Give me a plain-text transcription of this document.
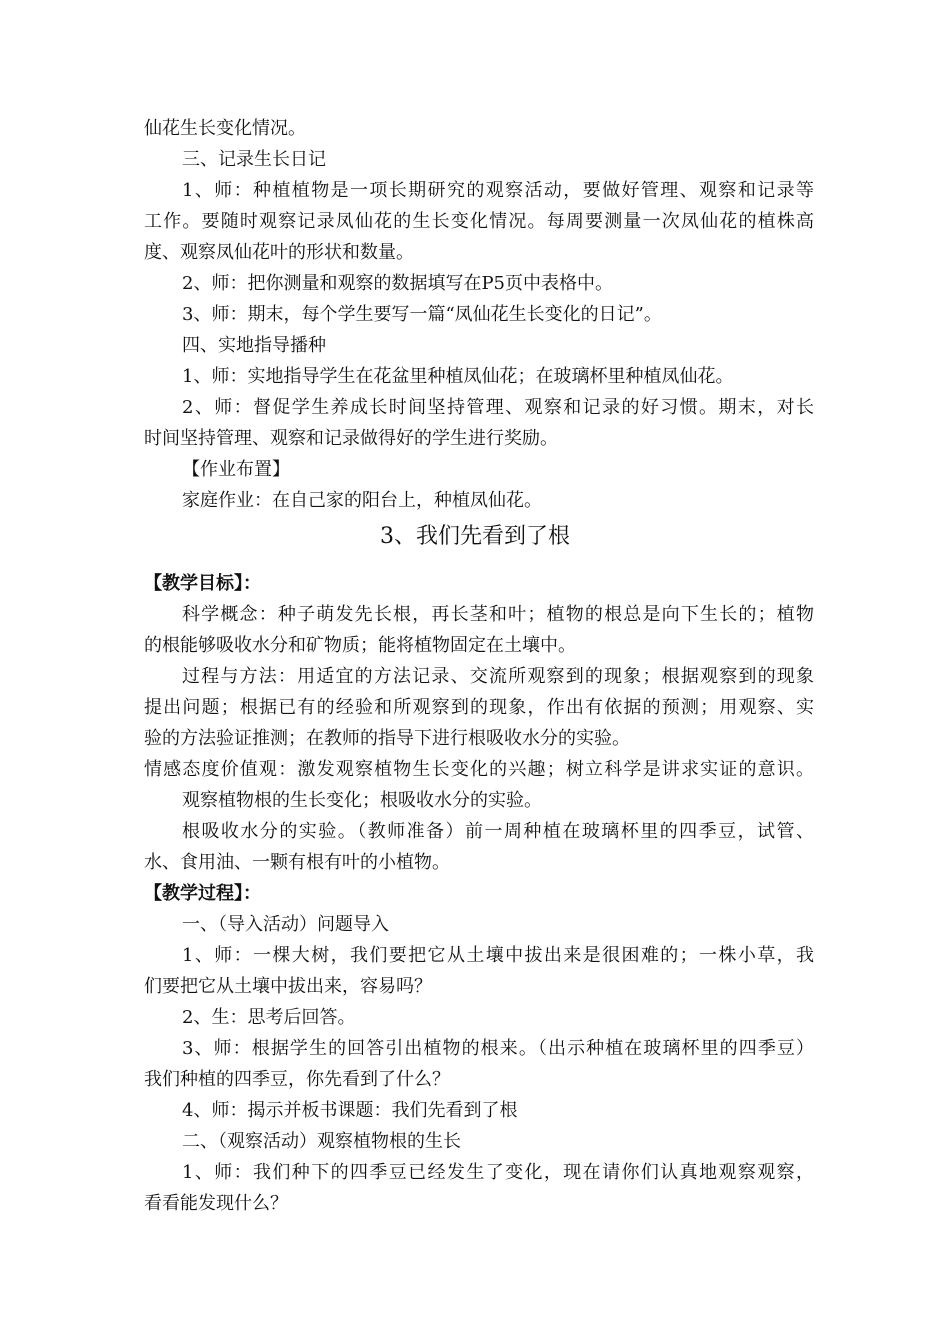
仙花生长变化情况。
三、记录生长日记
1、师：种植植物是一项长期研究的观察活动，要做好管理、观察和记录等
工作。要随时观察记录凤仙花的生长变化情况。每周要测量一次凤仙花的植株高
度、观察凤仙花叶的形状和数量。
2、师：把你测量和观察的数据填写在P5页中表格中。
3、师：期末，每个学生要写一篇“凤仙花生长变化的日记”。
四、实地指导播种
1、师：实地指导学生在花盆里种植凤仙花；在玻璃杯里种植凤仙花。
2、师：督促学生养成长时间坚持管理、观察和记录的好习惯。期末，对长
时间坚持管理、观察和记录做得好的学生进行奖励。
【作业布置】
家庭作业：在自己家的阳台上，种植凤仙花。
3、我们先看到了根
【教学目标】：
科学概念：种子萌发先长根，再长茎和叶；植物的根总是向下生长的；植物
的根能够吸收水分和矿物质；能将植物固定在土壤中。
过程与方法：用适宜的方法记录、交流所观察到的现象；根据观察到的现象
提出问题；根据已有的经验和所观察到的现象，作出有依据的预测；用观察、实
验的方法验证推测；在教师的指导下进行根吸收水分的实验。
情感态度价值观：激发观察植物生长变化的兴趣；树立科学是讲求实证的意识。
观察植物根的生长变化；根吸收水分的实验。
根吸收水分的实验。（教师准备）前一周种植在玻璃杯里的四季豆，试管、
水、食用油、一颗有根有叶的小植物。
【教学过程】：
一、（导入活动）问题导入
1、师：一棵大树，我们要把它从土壤中拔出来是很困难的；一株小草，我
们要把它从土壤中拔出来，容易吗？
2、生：思考后回答。
3、师：根据学生的回答引出植物的根来。（出示种植在玻璃杯里的四季豆）
我们种植的四季豆，你先看到了什么？
4、师：揭示并板书课题：我们先看到了根
二、（观察活动）观察植物根的生长
1、师：我们种下的四季豆已经发生了变化，现在请你们认真地观察观察，
看看能发现什么？
